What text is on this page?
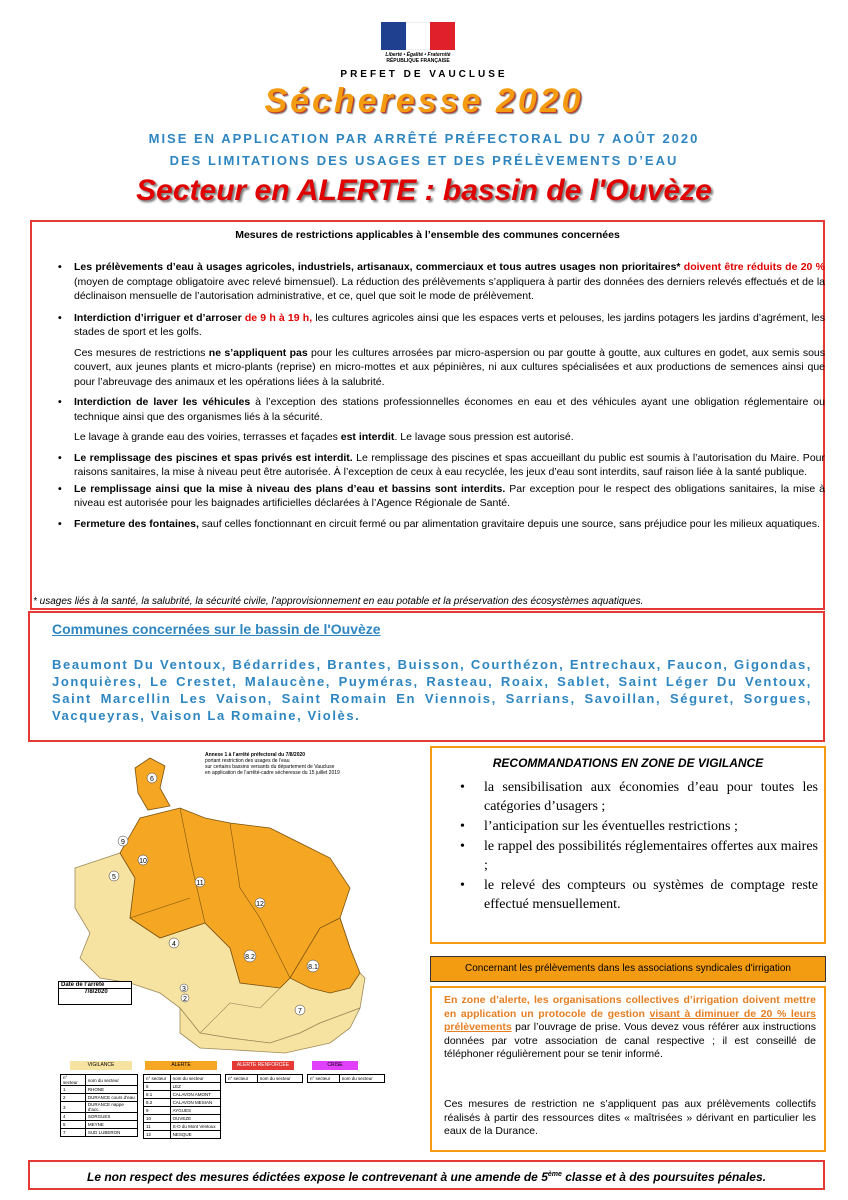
Liberté • Égalité • Fraternité
RÉPUBLIQUE FRANÇAISE
PREFET DE VAUCLUSE
Sécheresse 2020
MISE EN APPLICATION PAR ARRÊTÉ PRÉFECTORAL DU 7 AOÛT 2020
DES LIMITATIONS DES USAGES ET DES PRÉLÈVEMENTS D’EAU
Secteur en ALERTE : bassin de l'Ouvèze
Mesures de restrictions applicables à l’ensemble des communes concernées
• Les prélèvements d’eau à usages agricoles, industriels, artisanaux, commerciaux et tous autres usages non prioritaires* doivent être réduits de 20 % (moyen de comptage obligatoire avec relevé bimensuel). La réduction des prélèvements s’appliquera à partir des données des derniers relevés effectués et de la déclinaison mensuelle de l’autorisation administrative, et ce, quel que soit le mode de prélèvement.
• Interdiction d’irriguer et d’arroser de 9 h à 19 h, les cultures agricoles ainsi que les espaces verts et pelouses, les jardins potagers les jardins d’agrément, les stades de sport et les golfs.
Ces mesures de restrictions ne s’appliquent pas pour les cultures arrosées par micro-aspersion ou par goutte à goutte, aux cultures en godet, aux semis sous couvert, aux jeunes plants et micro-plants (reprise) en micro-mottes et aux pépinières, ni aux cultures spécialisées et aux productions de semences ainsi que pour l’abreuvage des animaux et les opérations liées à la salubrité.
• Interdiction de laver les véhicules à l’exception des stations professionnelles économes en eau et des véhicules ayant une obligation réglementaire ou technique ainsi que des organismes liés à la sécurité.
Le lavage à grande eau des voiries, terrasses et façades est interdit. Le lavage sous pression est autorisé.
• Le remplissage des piscines et spas privés est interdit. Le remplissage des piscines et spas accueillant du public est soumis à l’autorisation du Maire. Pour raisons sanitaires, la mise à niveau peut être autorisée. À l’exception de ceux à eau recyclée, les jeux d’eau sont interdits, sauf raison liée à la santé publique.
• Le remplissage ainsi que la mise à niveau des plans d’eau et bassins sont interdits. Par exception pour le respect des obligations sanitaires, la mise à niveau est autorisée pour les baignades artificielles déclarées à l’Agence Régionale de Santé.
• Fermeture des fontaines, sauf celles fonctionnant en circuit fermé ou par alimentation gravitaire depuis une source, sans préjudice pour les milieux aquatiques.
* usages liés à la santé, la salubrité, la sécurité civile, l’approvisionnement en eau potable et la préservation des écosystèmes aquatiques.
Communes concernées sur le bassin de l'Ouvèze
Beaumont Du Ventoux, Bédarrides, Brantes, Buisson, Courthézon, Entrechaux, Faucon, Gigondas, Jonquières, Le Crestet, Malaucène, Puyméras, Rasteau, Roaix, Sablet, Saint Léger Du Ventoux, Saint Marcellin Les Vaison, Saint Romain En Viennois, Sarrians, Savoillan, Séguret, Sorgues, Vacqueyras, Vaison La Romaine, Violès.
6
9
10
5
11
12
4
8.2
8.1
3
2
7
Annexe 1 à l’arrêté préfectoral du 7/8/2020
portant restriction des usages de l’eau
sur certains bassins versants du département de Vaucluse
en application de l’arrêté-cadre sécheresse du 15 juillet 2019
Date de l’arrêté
7/8/2020
VIGILANCE	ALERTE	ALERTE RENFORCÉE	CRISE
n° secteur	nom du secteur
1	RHONE
2	DURANCE cours d’eau
3	DURANCE nappe d’acc.
4	SORGUES
5	MEYNE
7	SUD LUBERON
n° secteur	nom du secteur
6	LEZ
8.1	CALAVON AMONT
8.2	CALAVON MESIAN
9	AYGUES
10	OUVEZE
11	S-O du Mont Ventoux
12	NESQUE
n° secteur	nom du secteur	n° secteur	nom du secteur
RECOMMANDATIONS EN ZONE DE VIGILANCE
• la sensibilisation aux économies d’eau pour toutes les catégories d’usagers ;
• l’anticipation sur les éventuelles restrictions ;
• le rappel des possibilités réglementaires offertes aux maires ;
• le relevé des compteurs ou systèmes de comptage reste effectué mensuellement.
Concernant les prélèvements dans les associations syndicales d'irrigation

En zone d’alerte, les organisations collectives d’irrigation doivent mettre en application un protocole de gestion visant à diminuer de 20 % leurs prélèvements par l’ouvrage de prise. Vous devez vous référer aux instructions données par votre association de canal respective ; il est conseillé de téléphoner régulièrement pour se tenir informé.

Ces mesures de restriction ne s’appliquent pas aux prélèvements collectifs réalisés à partir des ressources dites « maîtrisées » dérivant en particulier les eaux de la Durance.

Le non respect des mesures édictées expose le contrevenant à une amende de 5ème classe et à des poursuites pénales.
